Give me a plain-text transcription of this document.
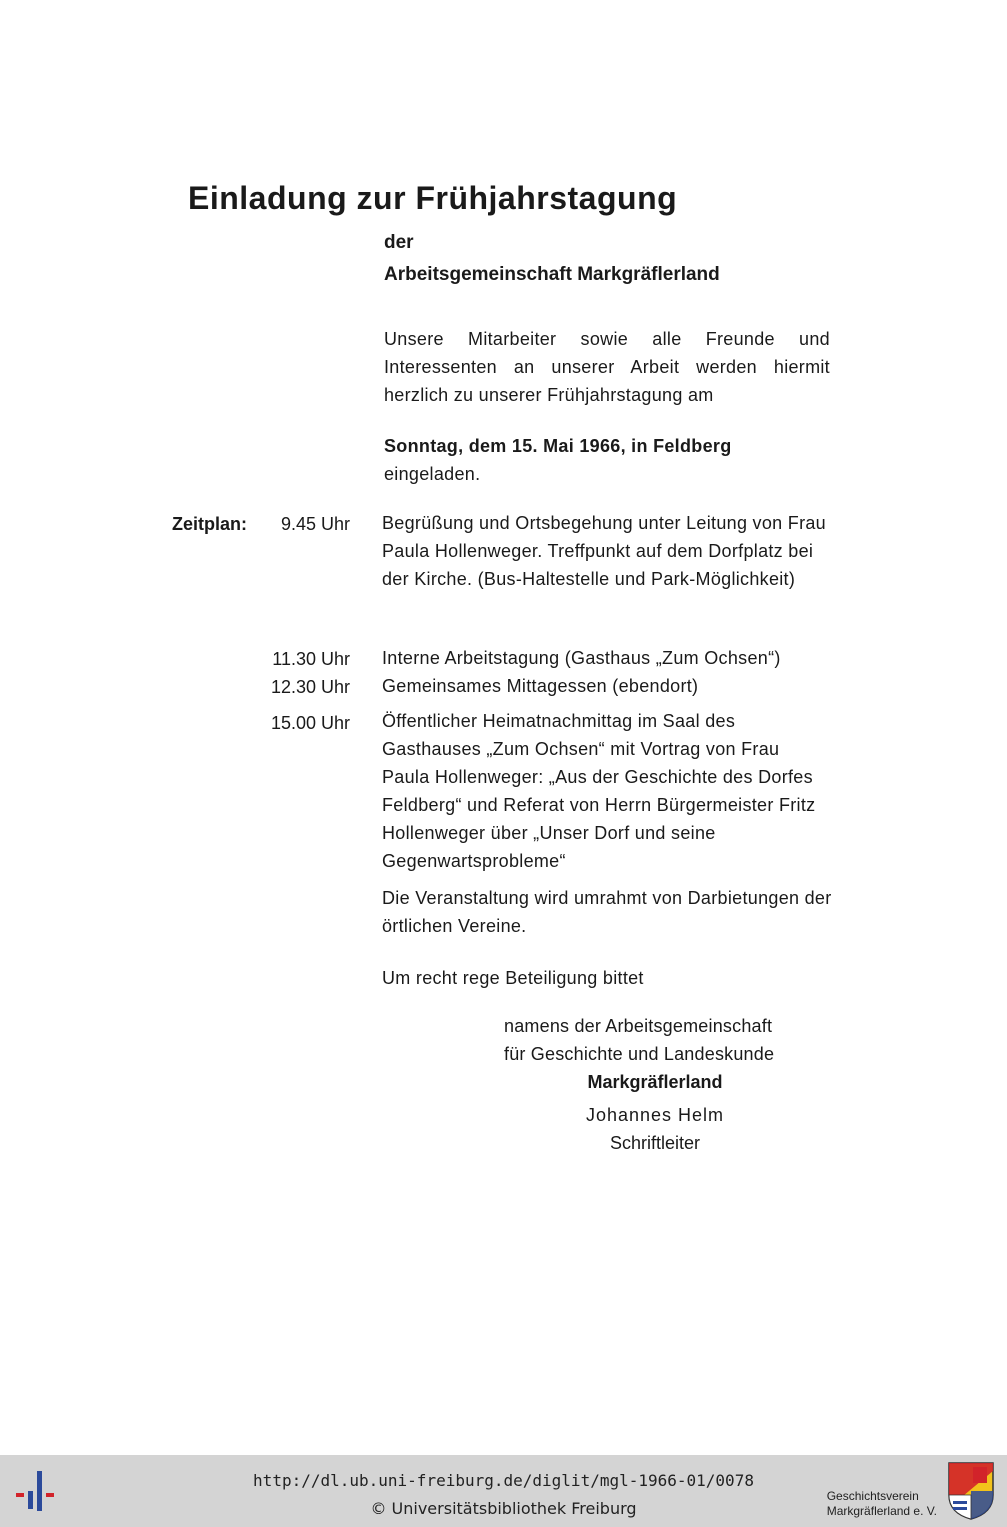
Einladung zur Frühjahrstagung
der
Arbeitsgemeinschaft Markgräflerland
Unsere Mitarbeiter sowie alle Freunde und Interessenten an unserer Arbeit werden hiermit herzlich zu unserer Frühjahrstagung am
Sonntag, dem 15. Mai 1966, in Feldberg
eingeladen.
Zeitplan:	9.45 Uhr Begrüßung und Ortsbegehung unter Leitung von Frau Paula Hollenweger. Treffpunkt auf dem Dorfplatz bei der Kirche. (Bus-Haltestelle und Park-Möglichkeit)
11.30 Uhr Interne Arbeitstagung (Gasthaus „Zum Ochsen“)
12.30 Uhr Gemeinsames Mittagessen (ebendort)
15.00 Uhr Öffentlicher Heimatnachmittag im Saal des Gasthauses „Zum Ochsen“ mit Vortrag von Frau Paula Hollenweger: „Aus der Geschichte des Dorfes Feldberg“ und Referat von Herrn Bürgermeister Fritz Hollenweger über „Unser Dorf und seine Gegenwartsprobleme“
Die Veranstaltung wird umrahmt von Darbietungen der örtlichen Vereine.
Um recht rege Beteiligung bittet
namens der Arbeitsgemeinschaft
für Geschichte und Landeskunde
Markgräflerland
Johannes Helm
Schriftleiter
http://dl.ub.uni-freiburg.de/diglit/mgl-1966-01/0078
© Universitätsbibliothek Freiburg
Geschichtsverein
Markgräflerland e. V.
